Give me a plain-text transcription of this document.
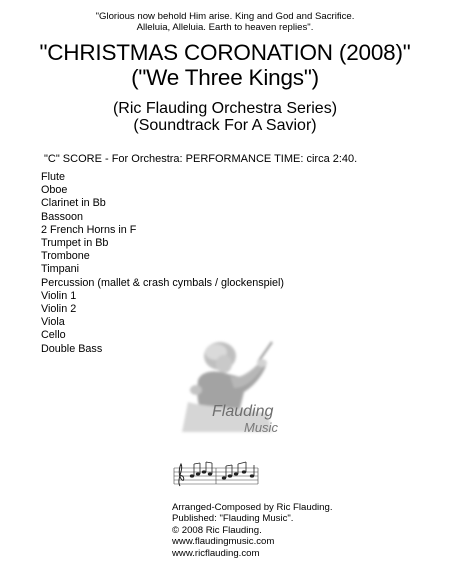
"Glorious now behold Him arise. King and God and Sacrifice.
Alleluia, Alleluia. Earth to heaven replies".
"CHRISTMAS CORONATION (2008)"
("We Three Kings")
(Ric Flauding Orchestra Series)
(Soundtrack For A Savior)
"C" SCORE - For Orchestra: PERFORMANCE TIME: circa 2:40.
Flute
Oboe
Clarinet in Bb
Bassoon
2 French Horns in F
Trumpet in Bb
Trombone
Timpani
Percussion (mallet & crash cymbals / glockenspiel)
Violin 1
Violin 2
Viola
Cello
Double Bass
Flauding
Music
Arranged-Composed by Ric Flauding.
Published: "Flauding Music".
© 2008 Ric Flauding.
www.flaudingmusic.com
www.ricflauding.com
